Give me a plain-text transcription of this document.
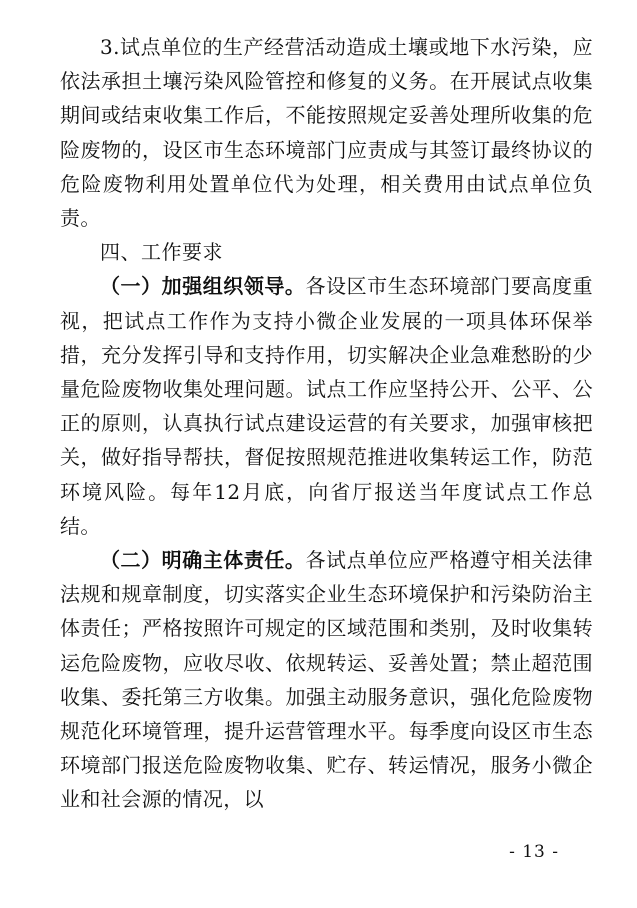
3.试点单位的生产经营活动造成土壤或地下水污染，应依法承担土壤污染风险管控和修复的义务。在开展试点收集期间或结束收集工作后，不能按照规定妥善处理所收集的危险废物的，设区市生态环境部门应责成与其签订最终协议的危险废物利用处置单位代为处理，相关费用由试点单位负责。

四、工作要求

（一）加强组织领导。各设区市生态环境部门要高度重视，把试点工作作为支持小微企业发展的一项具体环保举措，充分发挥引导和支持作用，切实解决企业急难愁盼的少量危险废物收集处理问题。试点工作应坚持公开、公平、公正的原则，认真执行试点建设运营的有关要求，加强审核把关，做好指导帮扶，督促按照规范推进收集转运工作，防范环境风险。每年12月底，向省厅报送当年度试点工作总结。

（二）明确主体责任。各试点单位应严格遵守相关法律法规和规章制度，切实落实企业生态环境保护和污染防治主体责任；严格按照许可规定的区域范围和类别，及时收集转运危险废物，应收尽收、依规转运、妥善处置；禁止超范围收集、委托第三方收集。加强主动服务意识，强化危险废物规范化环境管理，提升运营管理水平。每季度向设区市生态环境部门报送危险废物收集、贮存、转运情况，服务小微企业和社会源的情况，以

- 13 -
